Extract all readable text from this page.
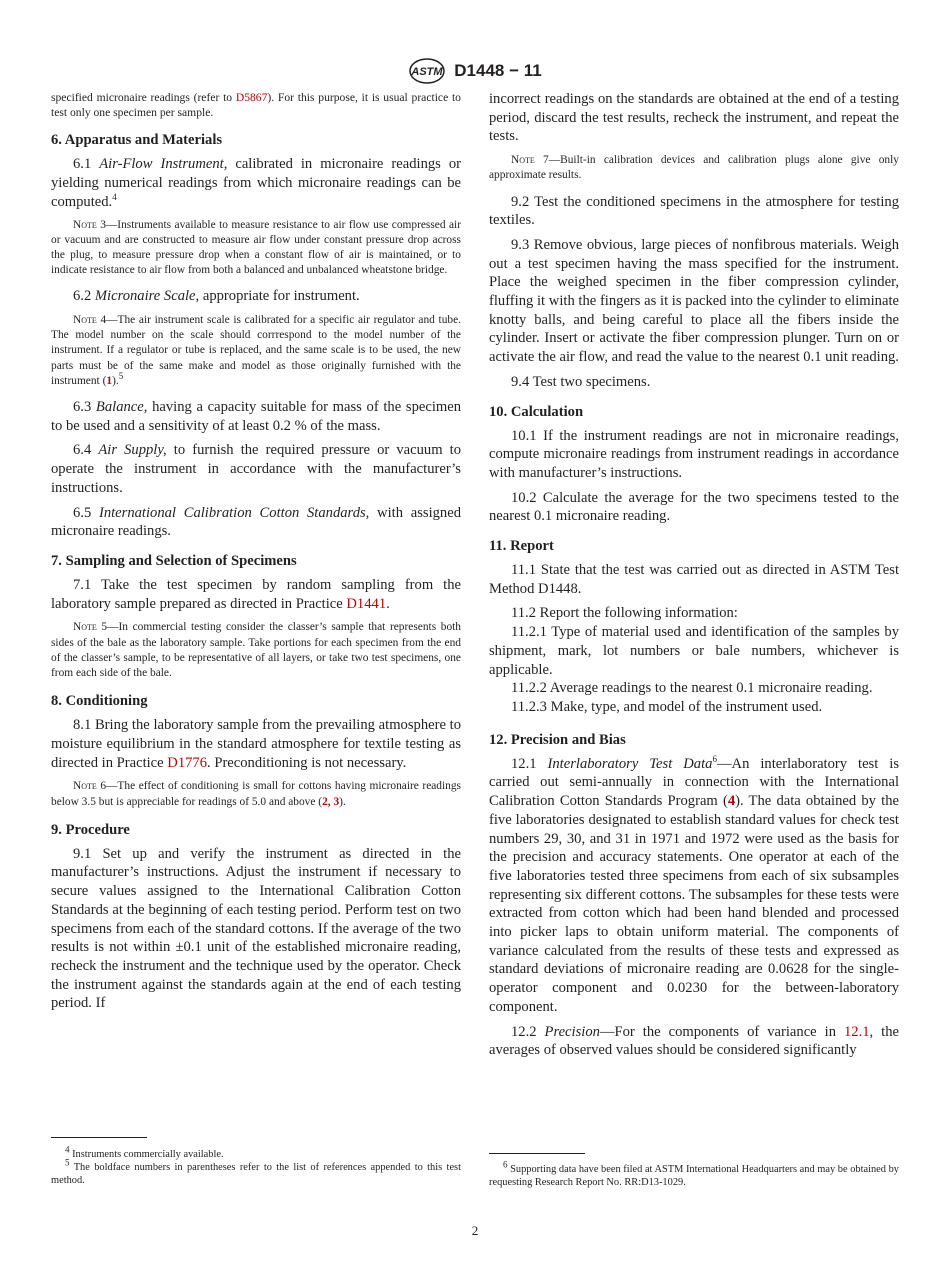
ASTM D1448 − 11

specified micronaire readings (refer to D5867). For this purpose, it is usual practice to test only one specimen per sample.

6. Apparatus and Materials

6.1 Air-Flow Instrument, calibrated in micronaire readings or yielding numerical readings from which micronaire readings can be computed.$^4$

Note 3—Instruments available to measure resistance to air flow use compressed air or vacuum and are constructed to measure air flow under constant pressure drop across the plug, to measure pressure drop when a constant flow of air is maintained, or to indicate resistance to air flow from both a balanced and unbalanced wheatstone bridge.

6.2 Micronaire Scale, appropriate for instrument.

Note 4—The air instrument scale is calibrated for a specific air regulator and tube. The model number on the scale should corrrespond to the model number of the instrument. If a regulator or tube is replaced, and the same scale is to be used, the new parts must be of the same make and model as those originally furnished with the instrument (1).$^5$

6.3 Balance, having a capacity suitable for mass of the specimen to be used and a sensitivity of at least 0.2 % of the mass.

6.4 Air Supply, to furnish the required pressure or vacuum to operate the instrument in accordance with the manufacturer’s instructions.

6.5 International Calibration Cotton Standards, with assigned micronaire readings.

7. Sampling and Selection of Specimens

7.1 Take the test specimen by random sampling from the laboratory sample prepared as directed in Practice D1441.

Note 5—In commercial testing consider the classer’s sample that represents both sides of the bale as the laboratory sample. Take portions for each specimen from the end of the classer’s sample, to be representative of all layers, or take two test specimens, one from each side of the bale.

8. Conditioning

8.1 Bring the laboratory sample from the prevailing atmosphere to moisture equilibrium in the standard atmosphere for textile testing as directed in Practice D1776. Preconditioning is not necessary.

Note 6—The effect of conditioning is small for cottons having micronaire readings below 3.5 but is appreciable for readings of 5.0 and above (2, 3).

9. Procedure

9.1 Set up and verify the instrument as directed in the manufacturer’s instructions. Adjust the instrument if necessary to secure values assigned to the International Calibration Cotton Standards at the beginning of each testing period. Perform test on two specimens from each of the standard cottons. If the average of the two results is not within ±0.1 unit of the established micronaire reading, recheck the instrument and the technique used by the operator. Check the instrument against the standards again at the end of each testing period. If

$^4$ Instruments commercially available.

$^5$ The boldface numbers in parentheses refer to the list of references appended to this test method.

incorrect readings on the standards are obtained at the end of a testing period, discard the test results, recheck the instrument, and repeat the tests.

Note 7—Built-in calibration devices and calibration plugs alone give only approximate results.

9.2 Test the conditioned specimens in the atmosphere for testing textiles.

9.3 Remove obvious, large pieces of nonfibrous materials. Weigh out a test specimen having the mass specified for the instrument. Place the weighed specimen in the fiber compression cylinder, fluffing it with the fingers as it is packed into the cylinder to eliminate knotty balls, and being careful to place all the fibers inside the cylinder. Insert or activate the fiber compression plunger. Turn on or activate the air flow, and read the value to the nearest 0.1 unit reading.

9.4 Test two specimens.

10. Calculation

10.1 If the instrument readings are not in micronaire readings, compute micronaire readings from instrument readings in accordance with manufacturer’s instructions.

10.2 Calculate the average for the two specimens tested to the nearest 0.1 micronaire reading.

11. Report

11.1 State that the test was carried out as directed in ASTM Test Method D1448.

11.2 Report the following information:

11.2.1 Type of material used and identification of the samples by shipment, mark, lot numbers or bale numbers, whichever is applicable.

11.2.2 Average readings to the nearest 0.1 micronaire reading.

11.2.3 Make, type, and model of the instrument used.

12. Precision and Bias

12.1 Interlaboratory Test Data$^6$—An interlaboratory test is carried out semi-annually in connection with the International Calibration Cotton Standards Program (4). The data obtained by the five laboratories designated to establish standard values for check test numbers 29, 30, and 31 in 1971 and 1972 were used as the basis for the precision and accuracy statements. One operator at each of the five laboratories tested three specimens from each of six subsamples representing six different cottons. The subsamples for these tests were extracted from cotton which had been hand blended and processed into picker laps to obtain uniform material. The components of variance calculated from the results of these tests and expressed as standard deviations of micronaire reading are 0.0628 for the single-operator component and 0.0230 for the between-laboratory component.

12.2 Precision—For the components of variance in 12.1, the averages of observed values should be considered significantly

$^6$ Supporting data have been filed at ASTM International Headquarters and may be obtained by requesting Research Report No. RR:D13-1029.

2
